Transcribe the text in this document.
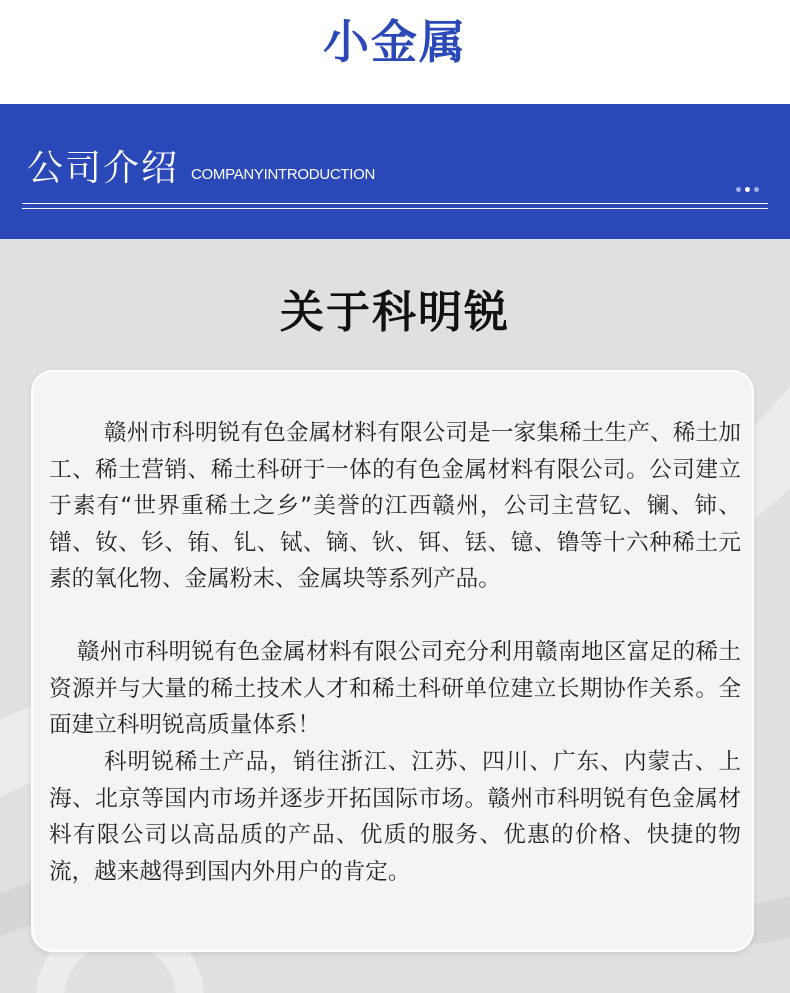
小金属
公司介绍 COMPANYINTRODUCTION
关于科明锐

赣州市科明锐有色金属材料有限公司是一家集稀土生产、稀土加工、稀土营销、稀土科研于一体的有色金属材料有限公司。公司建立于素有“世界重稀土之乡”美誉的江西赣州，公司主营钇、镧、铈、镨、钕、钐、铕、钆、铽、镝、钬、铒、铥、镱、镥等十六种稀土元素的氧化物、金属粉末、金属块等系列产品。

赣州市科明锐有色金属材料有限公司充分利用赣南地区富足的稀土资源并与大量的稀土技术人才和稀土科研单位建立长期协作关系。全面建立科明锐高质量体系！

科明锐稀土产品，销往浙江、江苏、四川、广东、内蒙古、上海、北京等国内市场并逐步开拓国际市场。赣州市科明锐有色金属材料有限公司以高品质的产品、优质的服务、优惠的价格、快捷的物流，越来越得到国内外用户的肯定。
